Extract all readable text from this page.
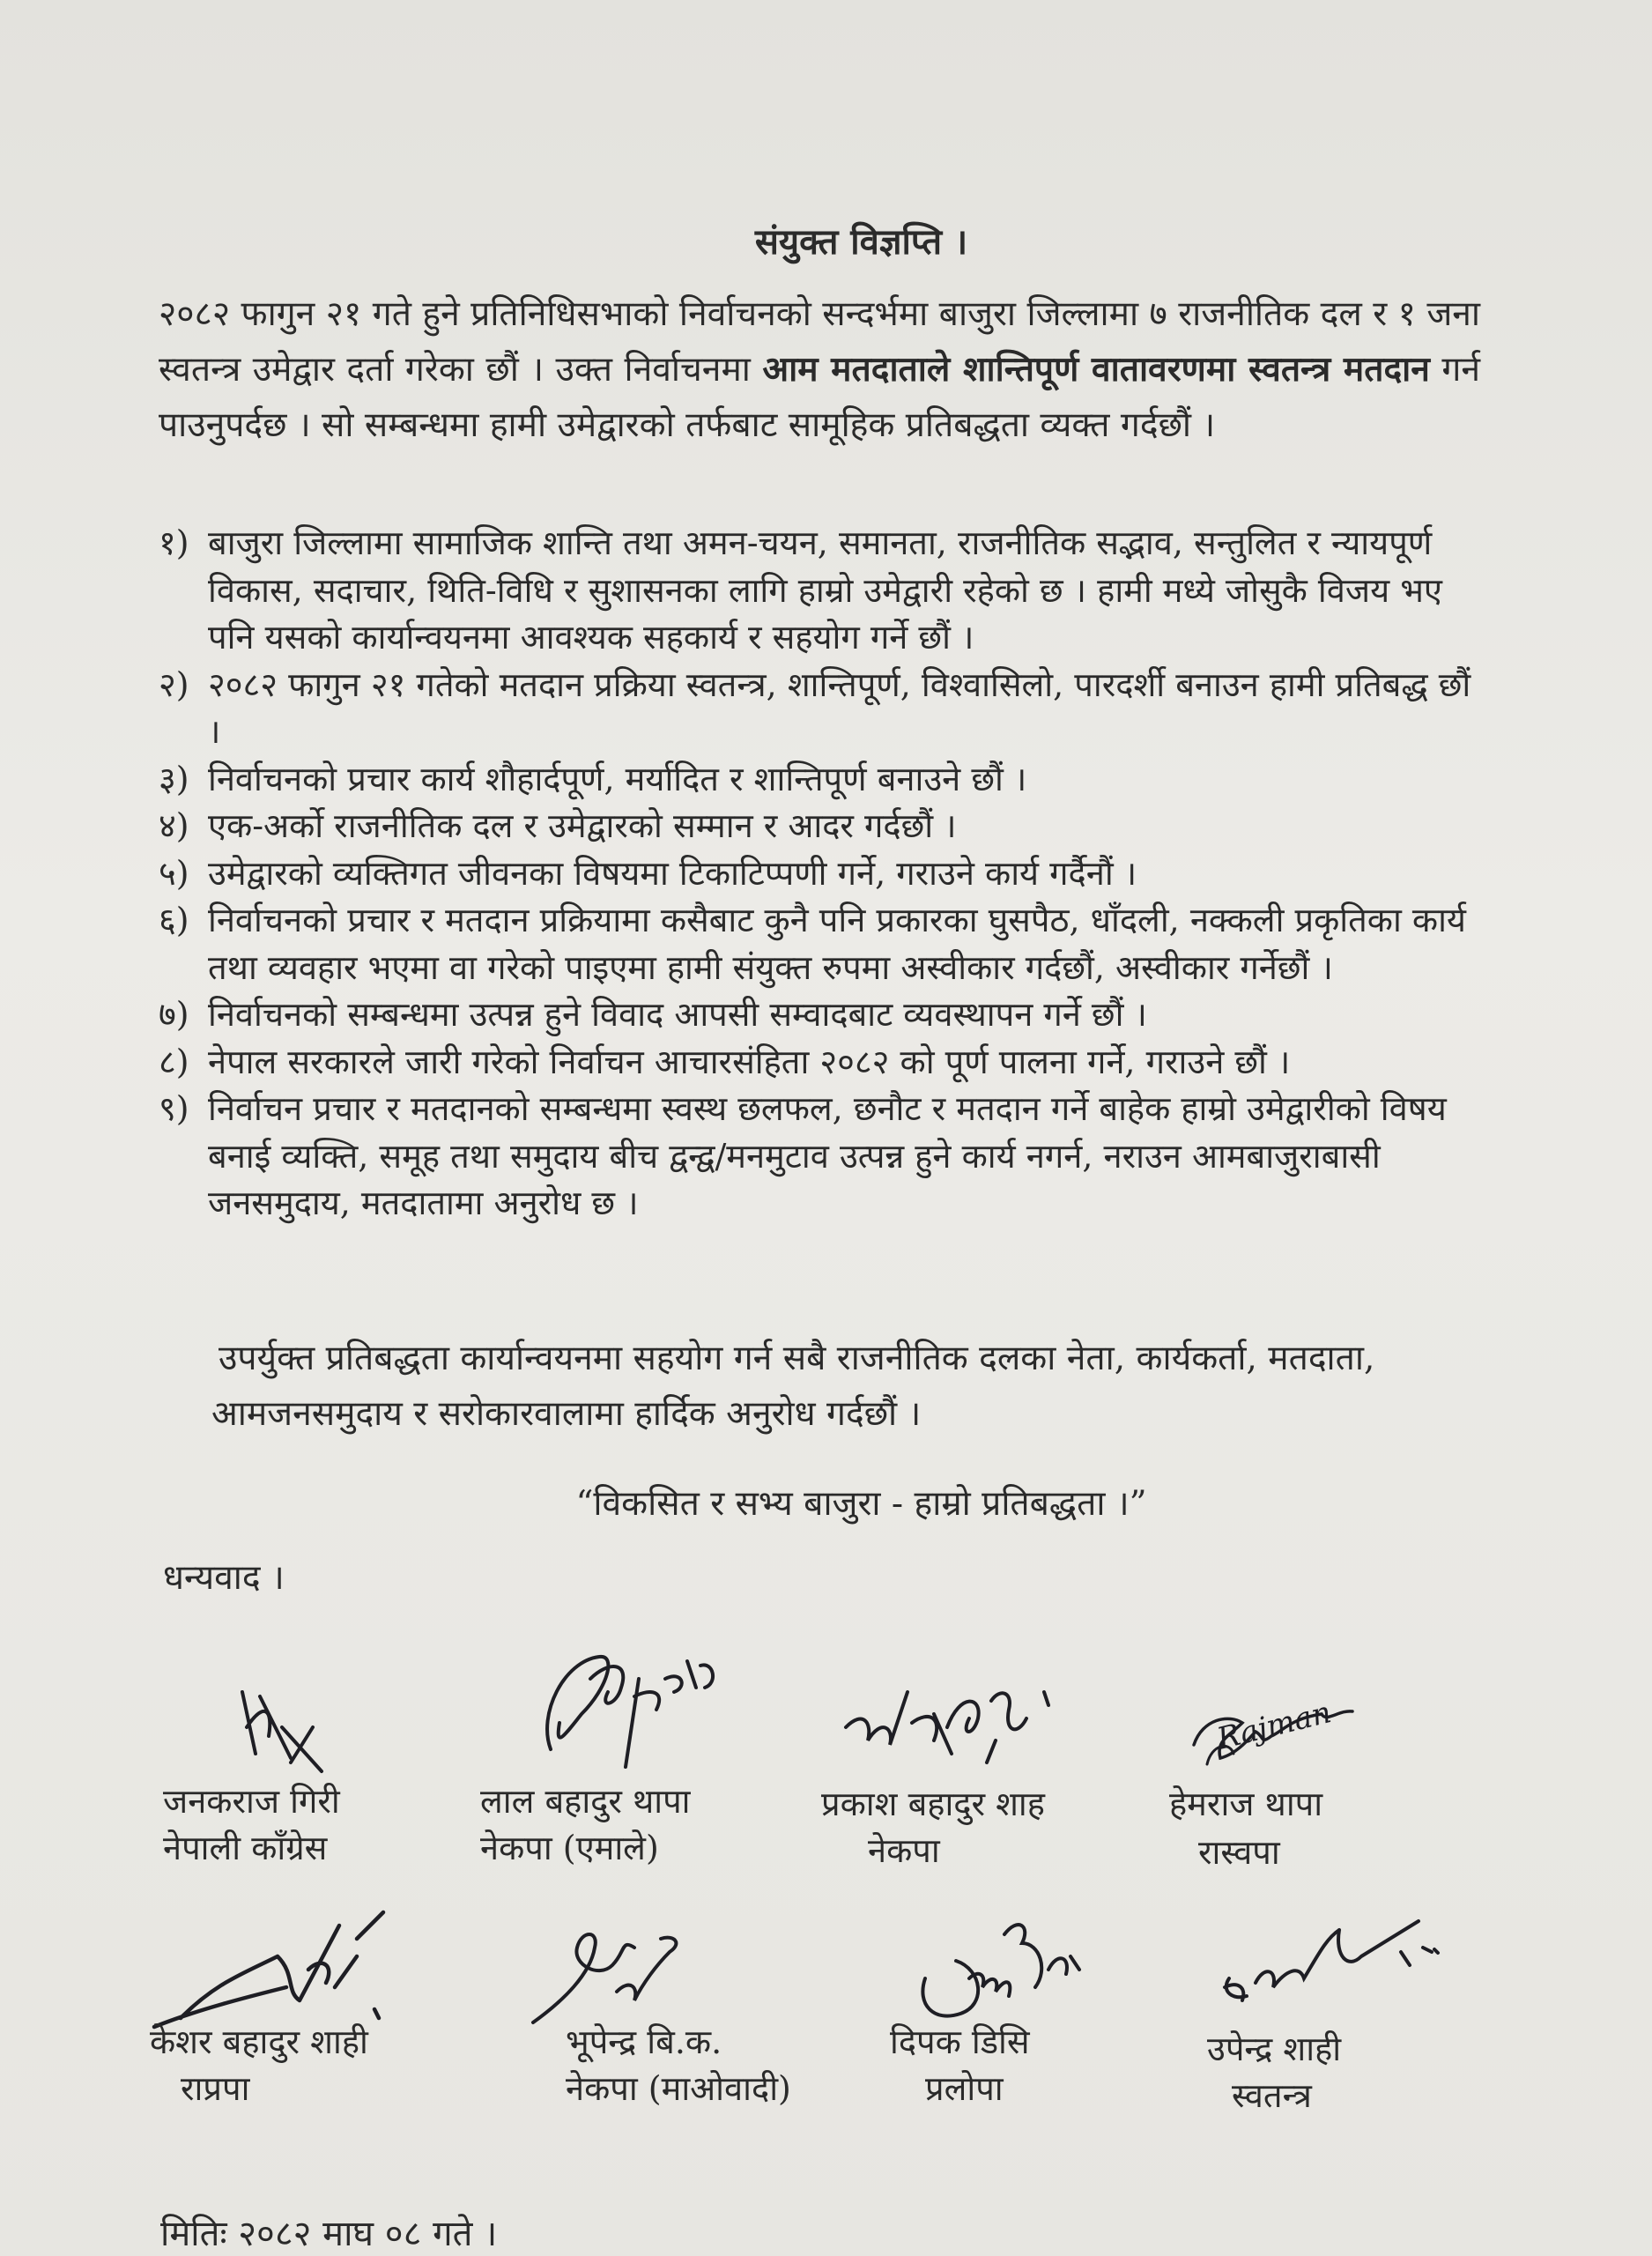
संयुक्त विज्ञप्ति ।
२०८२ फागुन २१ गते हुने प्रतिनिधिसभाको निर्वाचनको सन्दर्भमा बाजुरा जिल्लामा ७ राजनीतिक दल र १ जना स्वतन्त्र उमेद्वार दर्ता गरेका छौं । उक्त निर्वाचनमा आम मतदाताले शान्तिपूर्ण वातावरणमा स्वतन्त्र मतदान गर्न पाउनुपर्दछ । सो सम्बन्धमा हामी उमेद्वारको तर्फबाट सामूहिक प्रतिबद्धता व्यक्त गर्दछौं ।
१) बाजुरा जिल्लामा सामाजिक शान्ति तथा अमन-चयन, समानता, राजनीतिक सद्भाव, सन्तुलित र न्यायपूर्ण विकास, सदाचार, थिति-विधि र सुशासनका लागि हाम्रो उमेद्वारी रहेको छ । हामी मध्ये जोसुकै विजय भए पनि यसको कार्यान्वयनमा आवश्यक सहकार्य र सहयोग गर्ने छौं ।
२) २०८२ फागुन २१ गतेको मतदान प्रक्रिया स्वतन्त्र, शान्तिपूर्ण, विश्वासिलो, पारदर्शी बनाउन हामी प्रतिबद्ध छौं ।
३) निर्वाचनको प्रचार कार्य शौहार्दपूर्ण, मर्यादित र शान्तिपूर्ण बनाउने छौं ।
४) एक-अर्को राजनीतिक दल र उमेद्वारको सम्मान र आदर गर्दछौं ।
५) उमेद्वारको व्यक्तिगत जीवनका विषयमा टिकाटिप्पणी गर्ने, गराउने कार्य गर्दैनौं ।
६) निर्वाचनको प्रचार र मतदान प्रक्रियामा कसैबाट कुनै पनि प्रकारका घुसपैठ, धाँदली, नक्कली प्रकृतिका कार्य तथा व्यवहार भएमा वा गरेको पाइएमा हामी संयुक्त रुपमा अस्वीकार गर्दछौं, अस्वीकार गर्नेछौं ।
७) निर्वाचनको सम्बन्धमा उत्पन्न हुने विवाद आपसी सम्वादबाट व्यवस्थापन गर्ने छौं ।
८) नेपाल सरकारले जारी गरेको निर्वाचन आचारसंहिता २०८२ को पूर्ण पालना गर्ने, गराउने छौं ।
९) निर्वाचन प्रचार र मतदानको सम्बन्धमा स्वस्थ छलफल, छनौट र मतदान गर्ने बाहेक हाम्रो उमेद्वारीको विषय बनाई व्यक्ति, समूह तथा समुदाय बीच द्वन्द्व/मनमुटाव उत्पन्न हुने कार्य नगर्न, नराउन आमबाजुराबासी जनसमुदाय, मतदातामा अनुरोध छ ।
उपर्युक्त प्रतिबद्धता कार्यान्वयनमा सहयोग गर्न सबै राजनीतिक दलका नेता, कार्यकर्ता, मतदाता, आमजनसमुदाय र सरोकारवालामा हार्दिक अनुरोध गर्दछौं ।
“विकसित र सभ्य बाजुरा - हाम्रो प्रतिबद्धता ।”
धन्यवाद ।
जनकराज गिरी
नेपाली काँग्रेस
लाल बहादुर थापा
नेकपा (एमाले)
प्रकाश बहादुर शाह
नेकपा
Rajman
हेमराज थापा
रास्वपा
केशर बहादुर शाही
राप्रपा
भूपेन्द्र बि.क.
नेकपा (माओवादी)
दिपक डिसि
प्रलोपा
उपेन्द्र शाही
स्वतन्त्र
मितिः २०८२ माघ ०८ गते ।
